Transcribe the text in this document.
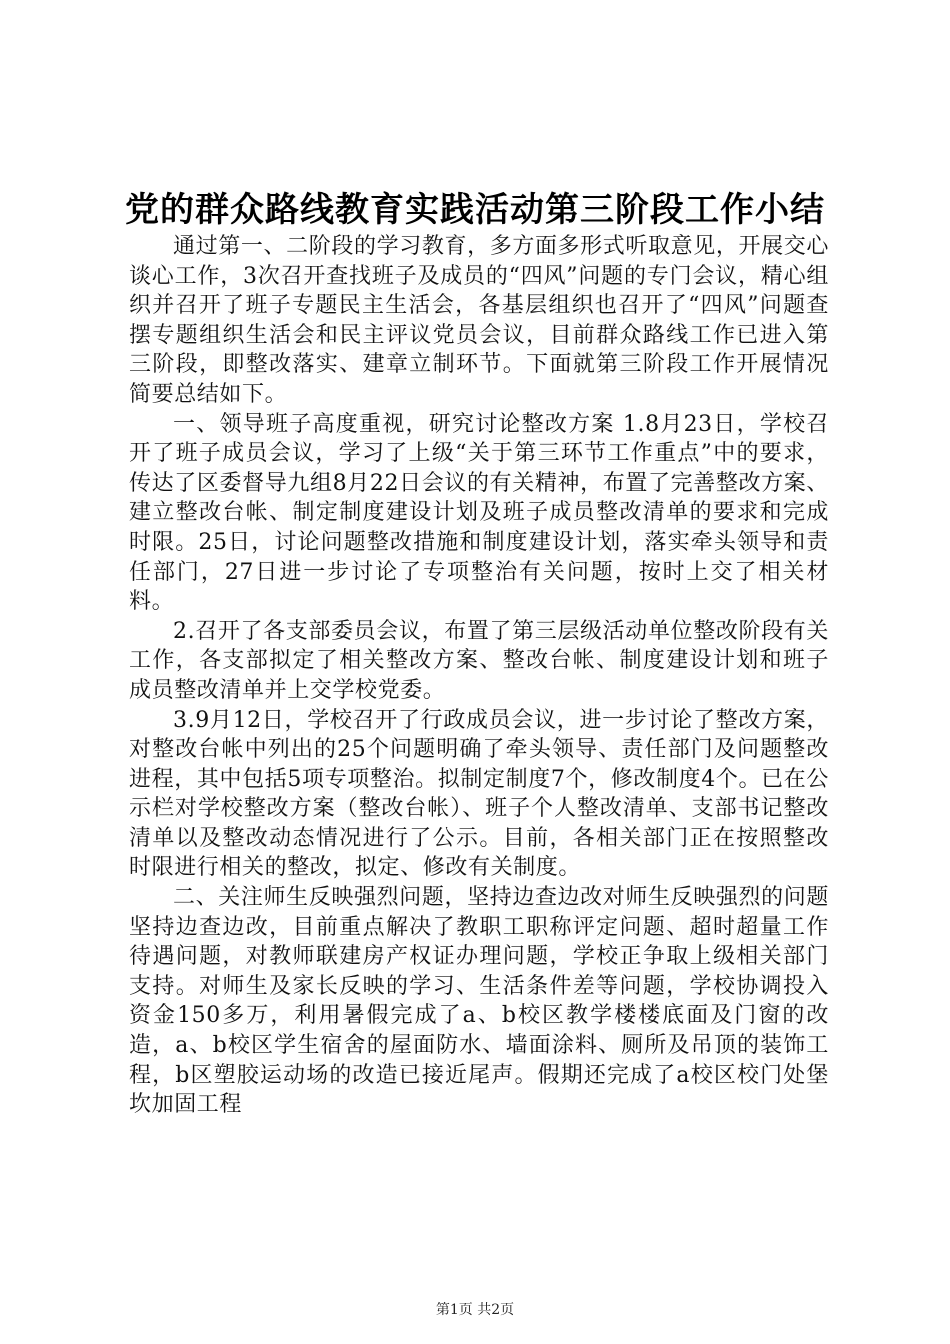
党的群众路线教育实践活动第三阶段工作小结

通过第一、二阶段的学习教育，多方面多形式听取意见，开展交心谈心工作，3次召开查找班子及成员的“四风”问题的专门会议，精心组织并召开了班子专题民主生活会，各基层组织也召开了“四风”问题查摆专题组织生活会和民主评议党员会议，目前群众路线工作已进入第三阶段，即整改落实、建章立制环节。下面就第三阶段工作开展情况简要总结如下。

一、领导班子高度重视，研究讨论整改方案 1.8月23日，学校召开了班子成员会议，学习了上级“关于第三环节工作重点”中的要求，传达了区委督导九组8月22日会议的有关精神，布置了完善整改方案、建立整改台帐、制定制度建设计划及班子成员整改清单的要求和完成时限。25日，讨论问题整改措施和制度建设计划，落实牵头领导和责任部门，27日进一步讨论了专项整治有关问题，按时上交了相关材料。

2.召开了各支部委员会议，布置了第三层级活动单位整改阶段有关工作，各支部拟定了相关整改方案、整改台帐、制度建设计划和班子成员整改清单并上交学校党委。

3.9月12日，学校召开了行政成员会议，进一步讨论了整改方案，对整改台帐中列出的25个问题明确了牵头领导、责任部门及问题整改进程，其中包括5项专项整治。拟制定制度7个，修改制度4个。已在公示栏对学校整改方案（整改台帐）、班子个人整改清单、支部书记整改清单以及整改动态情况进行了公示。目前，各相关部门正在按照整改时限进行相关的整改，拟定、修改有关制度。

二、关注师生反映强烈问题，坚持边查边改对师生反映强烈的问题坚持边查边改，目前重点解决了教职工职称评定问题、超时超量工作待遇问题，对教师联建房产权证办理问题，学校正争取上级相关部门支持。对师生及家长反映的学习、生活条件差等问题，学校协调投入资金150多万，利用暑假完成了a、b校区教学楼楼底面及门窗的改造，a、b校区学生宿舍的屋面防水、墙面涂料、厕所及吊顶的装饰工程，b区塑胶运动场的改造已接近尾声。假期还完成了a校区校门处堡坎加固工程

第1页 共2页
